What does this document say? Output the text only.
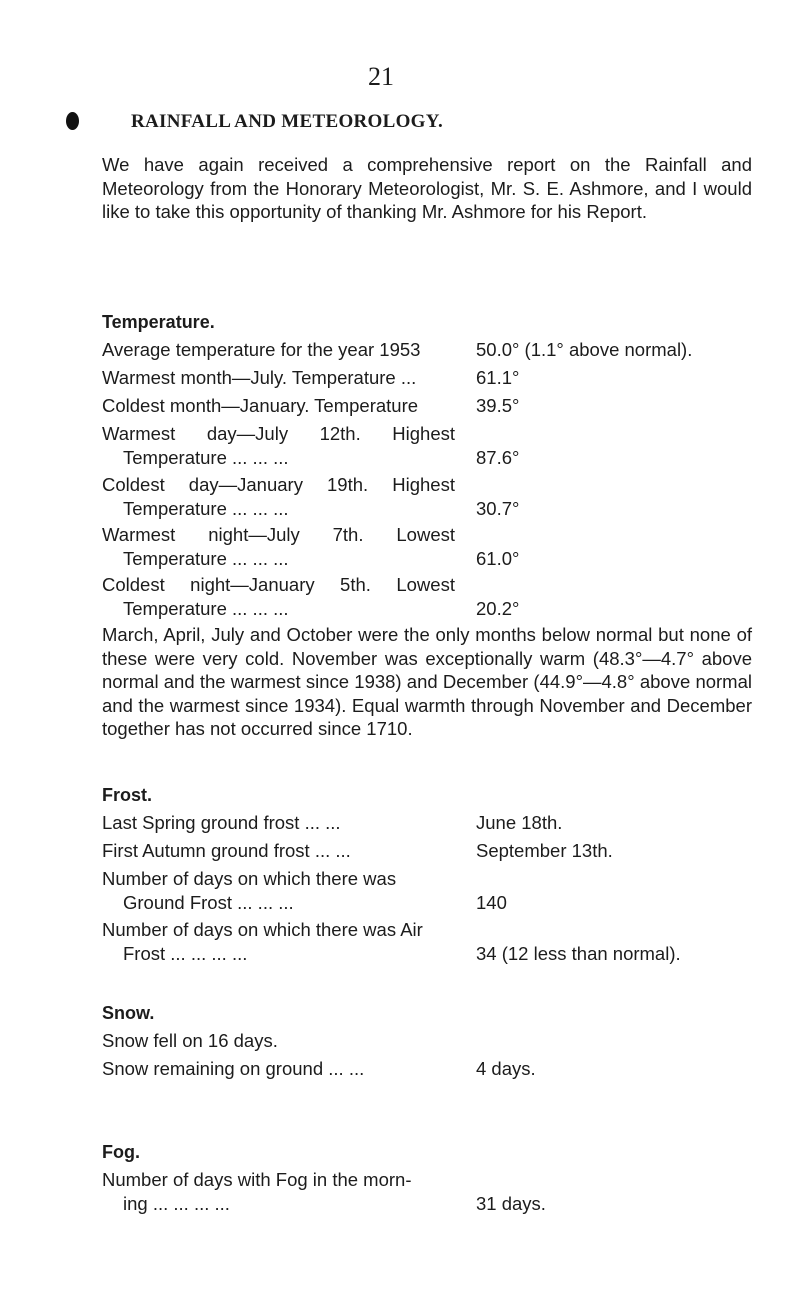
21
RAINFALL AND METEOROLOGY.
We have again received a comprehensive report on the Rainfall and Meteorology from the Honorary Meteorologist, Mr. S. E. Ashmore, and I would like to take this opportunity of thanking Mr. Ashmore for his Report.
Temperature.
Average temperature for the year 1953	50.0° (1.1° above normal).
Warmest month—July. Temperature ...	61.1°
Coldest month—January. Temperature	39.5°
Warmest day—July 12th. Highest
Temperature ... ... ...	87.6°
Coldest day—January 19th. Highest
Temperature ... ... ...	30.7°
Warmest night—July 7th. Lowest
Temperature ... ... ...	61.0°
Coldest night—January 5th. Lowest
Temperature ... ... ...	20.2°
March, April, July and October were the only months below normal but none of these were very cold. November was exceptionally warm (48.3°—4.7° above normal and the warmest since 1938) and December (44.9°—4.8° above normal and the warmest since 1934). Equal warmth through November and December together has not occurred since 1710.
Frost.
Last Spring ground frost ... ...	June 18th.
First Autumn ground frost ... ...	September 13th.
Number of days on which there was
Ground Frost ... ... ...	140
Number of days on which there was Air
Frost ... ... ... ...	34 (12 less than normal).
Snow.
Snow fell on 16 days.
Snow remaining on ground ... ...	4 days.
Fog.
Number of days with Fog in the morn-
ing ... ... ... ...	31 days.
